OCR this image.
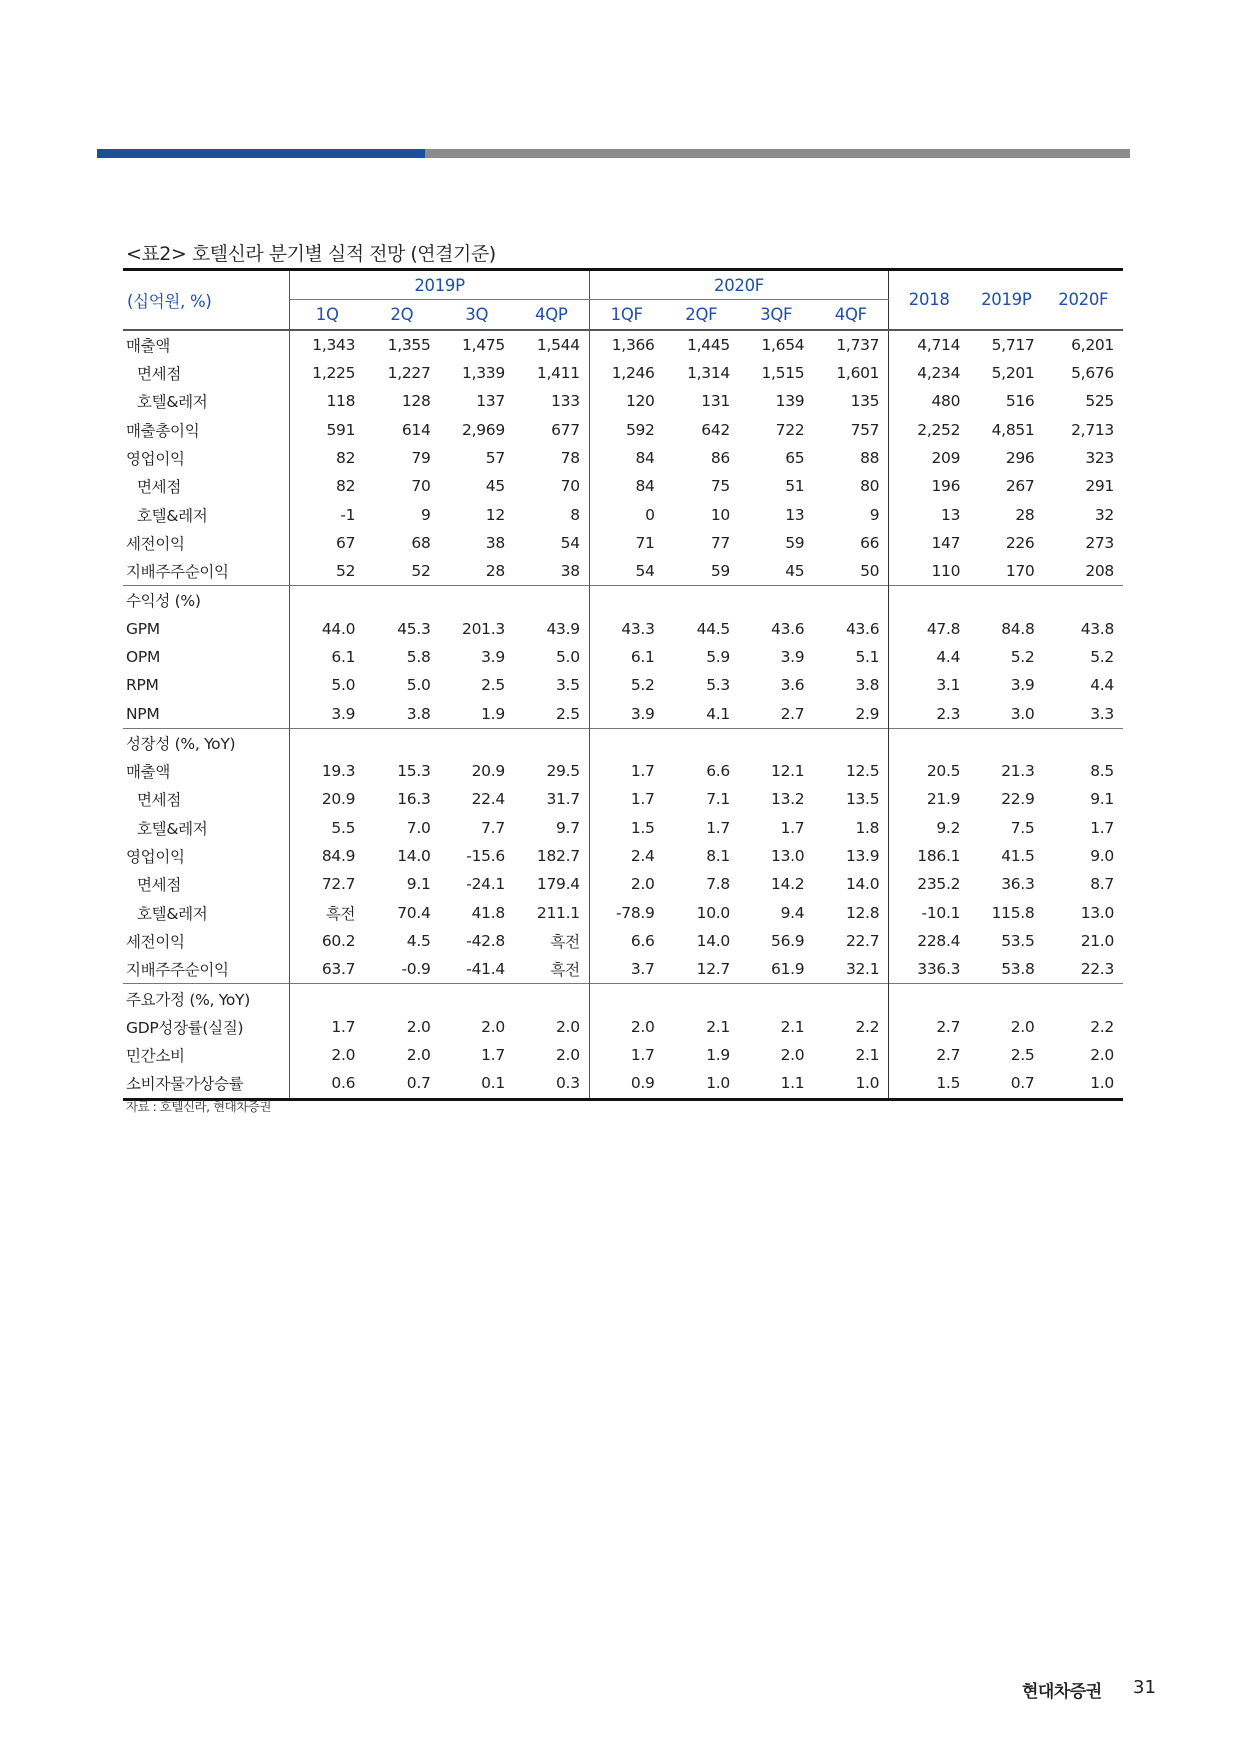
<표2> 호텔신라 분기별 실적 전망 (연결기준)
(십억원, %)	2019P				2020F				2018	2019P	2020F
	1Q	2Q	3Q	4QP	1QF	2QF	3QF	4QF			
매출액	1,343	1,355	1,475	1,544	1,366	1,445	1,654	1,737	4,714	5,717	6,201
면세점	1,225	1,227	1,339	1,411	1,246	1,314	1,515	1,601	4,234	5,201	5,676
호텔&레저	118	128	137	133	120	131	139	135	480	516	525
매출총이익	591	614	2,969	677	592	642	722	757	2,252	4,851	2,713
영업이익	82	79	57	78	84	86	65	88	209	296	323
면세점	82	70	45	70	84	75	51	80	196	267	291
호텔&레저	-1	9	12	8	0	10	13	9	13	28	32
세전이익	67	68	38	54	71	77	59	66	147	226	273
지배주주순이익	52	52	28	38	54	59	45	50	110	170	208
수익성 (%)											
GPM	44.0	45.3	201.3	43.9	43.3	44.5	43.6	43.6	47.8	84.8	43.8
OPM	6.1	5.8	3.9	5.0	6.1	5.9	3.9	5.1	4.4	5.2	5.2
RPM	5.0	5.0	2.5	3.5	5.2	5.3	3.6	3.8	3.1	3.9	4.4
NPM	3.9	3.8	1.9	2.5	3.9	4.1	2.7	2.9	2.3	3.0	3.3
성장성 (%, YoY)											
매출액	19.3	15.3	20.9	29.5	1.7	6.6	12.1	12.5	20.5	21.3	8.5
면세점	20.9	16.3	22.4	31.7	1.7	7.1	13.2	13.5	21.9	22.9	9.1
호텔&레저	5.5	7.0	7.7	9.7	1.5	1.7	1.7	1.8	9.2	7.5	1.7
영업이익	84.9	14.0	-15.6	182.7	2.4	8.1	13.0	13.9	186.1	41.5	9.0
면세점	72.7	9.1	-24.1	179.4	2.0	7.8	14.2	14.0	235.2	36.3	8.7
호텔&레저	흑전	70.4	41.8	211.1	-78.9	10.0	9.4	12.8	-10.1	115.8	13.0
세전이익	60.2	4.5	-42.8	흑전	6.6	14.0	56.9	22.7	228.4	53.5	21.0
지배주주순이익	63.7	-0.9	-41.4	흑전	3.7	12.7	61.9	32.1	336.3	53.8	22.3
주요가정 (%, YoY)											
GDP성장률(실질)	1.7	2.0	2.0	2.0	2.0	2.1	2.1	2.2	2.7	2.0	2.2
민간소비	2.0	2.0	1.7	2.0	1.7	1.9	2.0	2.1	2.7	2.5	2.0
소비자물가상승률	0.6	0.7	0.1	0.3	0.9	1.0	1.1	1.0	1.5	0.7	1.0
자료 : 호텔신라, 현대차증권
현대차증권 31
